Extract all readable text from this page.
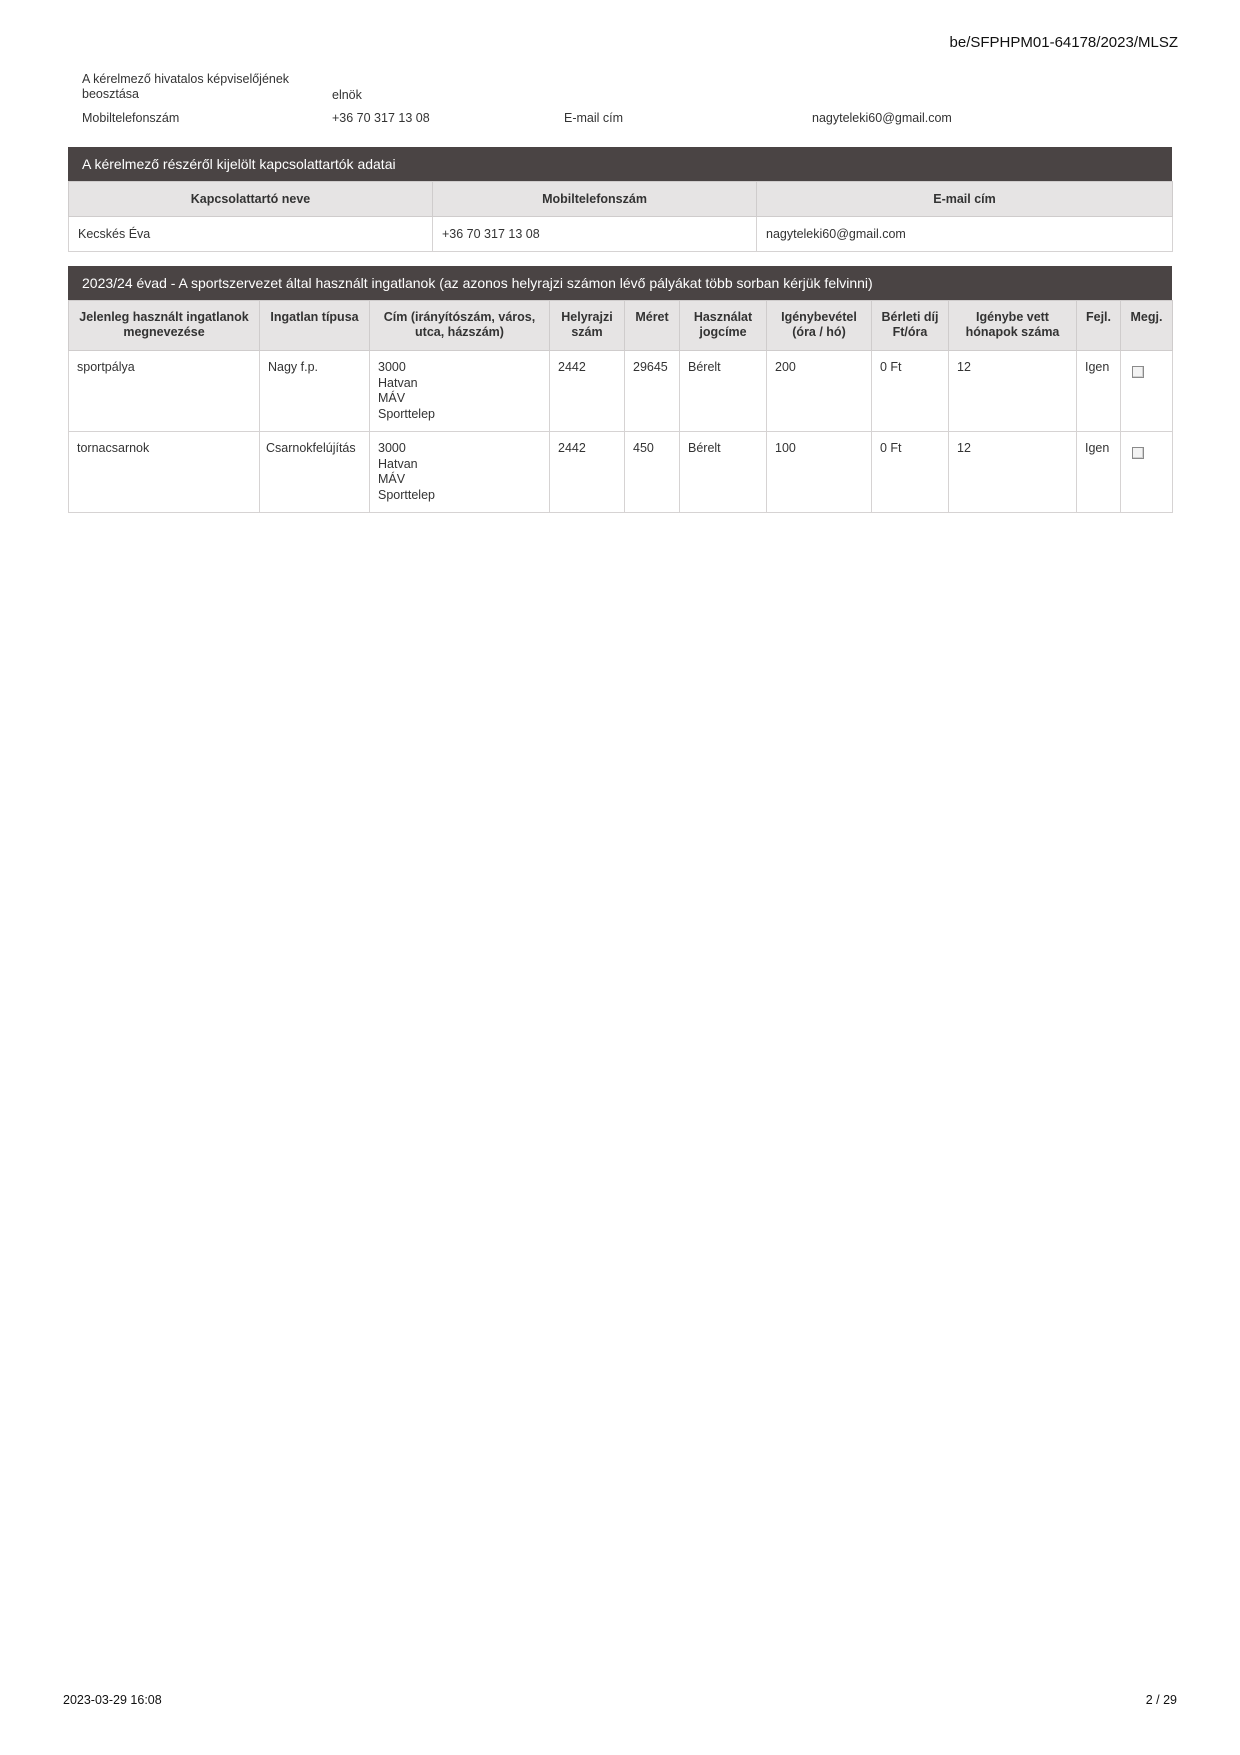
be/SFPHPM01-64178/2023/MLSZ
A kérelmező hivatalos képviselőjének beosztása	elnök
Mobiltelefonszám	+36 70 317 13 08	E-mail cím	nagyteleki60@gmail.com
A kérelmező részéről kijelölt kapcsolattartók adatai
Kapcsolattartó neve	Mobiltelefonszám	E-mail cím
Kecskés Éva	+36 70 317 13 08	nagyteleki60@gmail.com
2023/24 évad - A sportszervezet által használt ingatlanok (az azonos helyrajzi számon lévő pályákat több sorban kérjük felvinni)
Jelenleg használt ingatlanok megnevezése	Ingatlan típusa	Cím (irányítószám, város, utca, házszám)	Helyrajzi szám	Méret	Használat jogcíme	Igénybevétel (óra / hó)	Bérleti díj Ft/óra	Igénybe vett hónapok száma	Fejl.	Megj.
sportpálya	Nagy f.p.	3000
Hatvan
MÁV
Sporttelep	2442	29645	Bérelt	200	0 Ft	12	Igen	
tornacsarnok	Csarnokfelújítás	3000
Hatvan
MÁV
Sporttelep	2442	450	Bérelt	100	0 Ft	12	Igen	
2023-03-29 16:08	2 / 29
